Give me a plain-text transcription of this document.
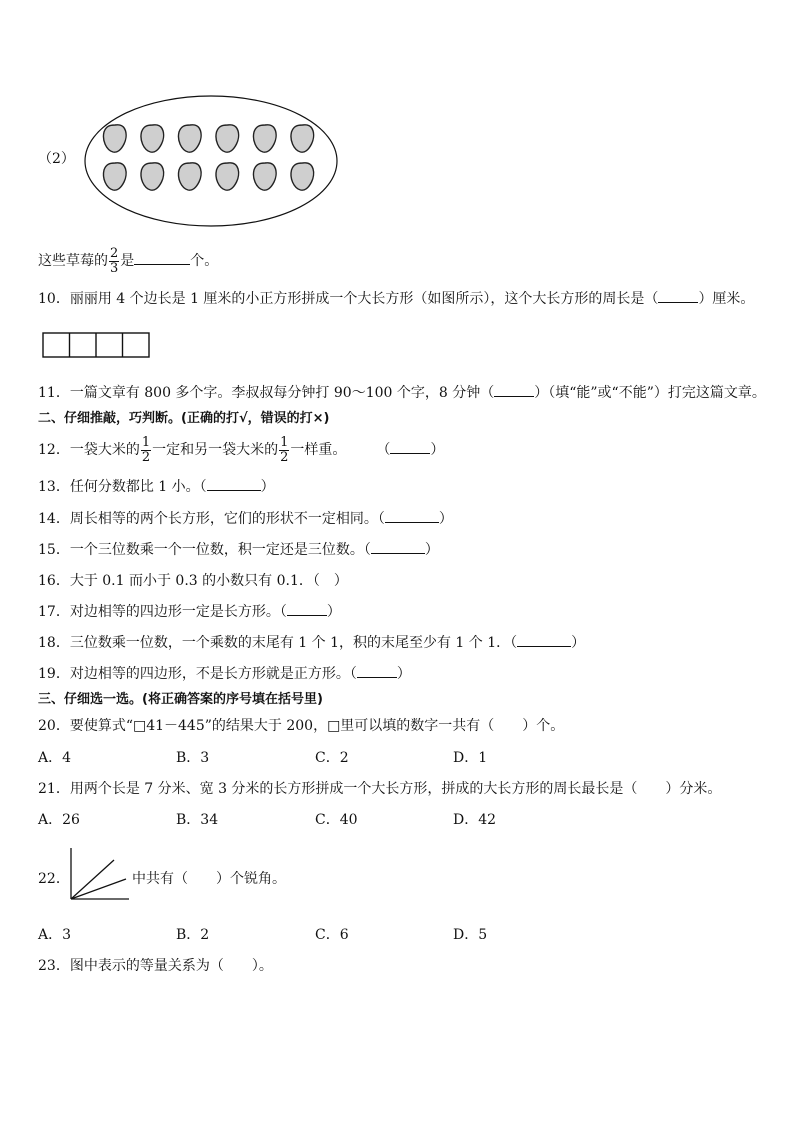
（2）
这些草莓的 $\frac{2}{3}$ 是	个。
10．丽丽用 4 个边长是 1 厘米的小正方形拼成一个大长方形（如图所示），这个大长方形的周长是（	）厘米。
11．一篇文章有 800 多个字。李叔叔每分钟打 90～100 个字，8 分钟（	）（填“能”或“不能”）打完这篇文章。
二、仔细推敲，巧判断。(正确的打√，错误的打×)
12．一袋大米的 $\frac{1}{2}$ 一定和另一袋大米的 $\frac{1}{2}$ 一样重。 （	）
13．任何分数都比 1 小。（	）
14．周长相等的两个长方形，它们的形状不一定相同。（	）
15．一个三位数乘一个一位数，积一定还是三位数。（	）
16．大于 0.1 而小于 0.3 的小数只有 0.1．（　）
17．对边相等的四边形一定是长方形。（	）
18．三位数乘一位数，一个乘数的末尾有 1 个 1，积的末尾至少有 1 个 1．（	）
19．对边相等的四边形，不是长方形就是正方形。（	）
三、仔细选一选。(将正确答案的序号填在括号里)
20．要使算式“□41－445”的结果大于 200，□里可以填的数字一共有（　　）个。
A．4	B．3	C．2	D．1
21．用两个长是 7 分米、宽 3 分米的长方形拼成一个大长方形，拼成的大长方形的周长最长是（　　）分米。
A．26	B．34	C．40	D．42
22．	中共有（　　）个锐角。
A．3	B．2	C．6	D．5
23．图中表示的等量关系为（　　）。
